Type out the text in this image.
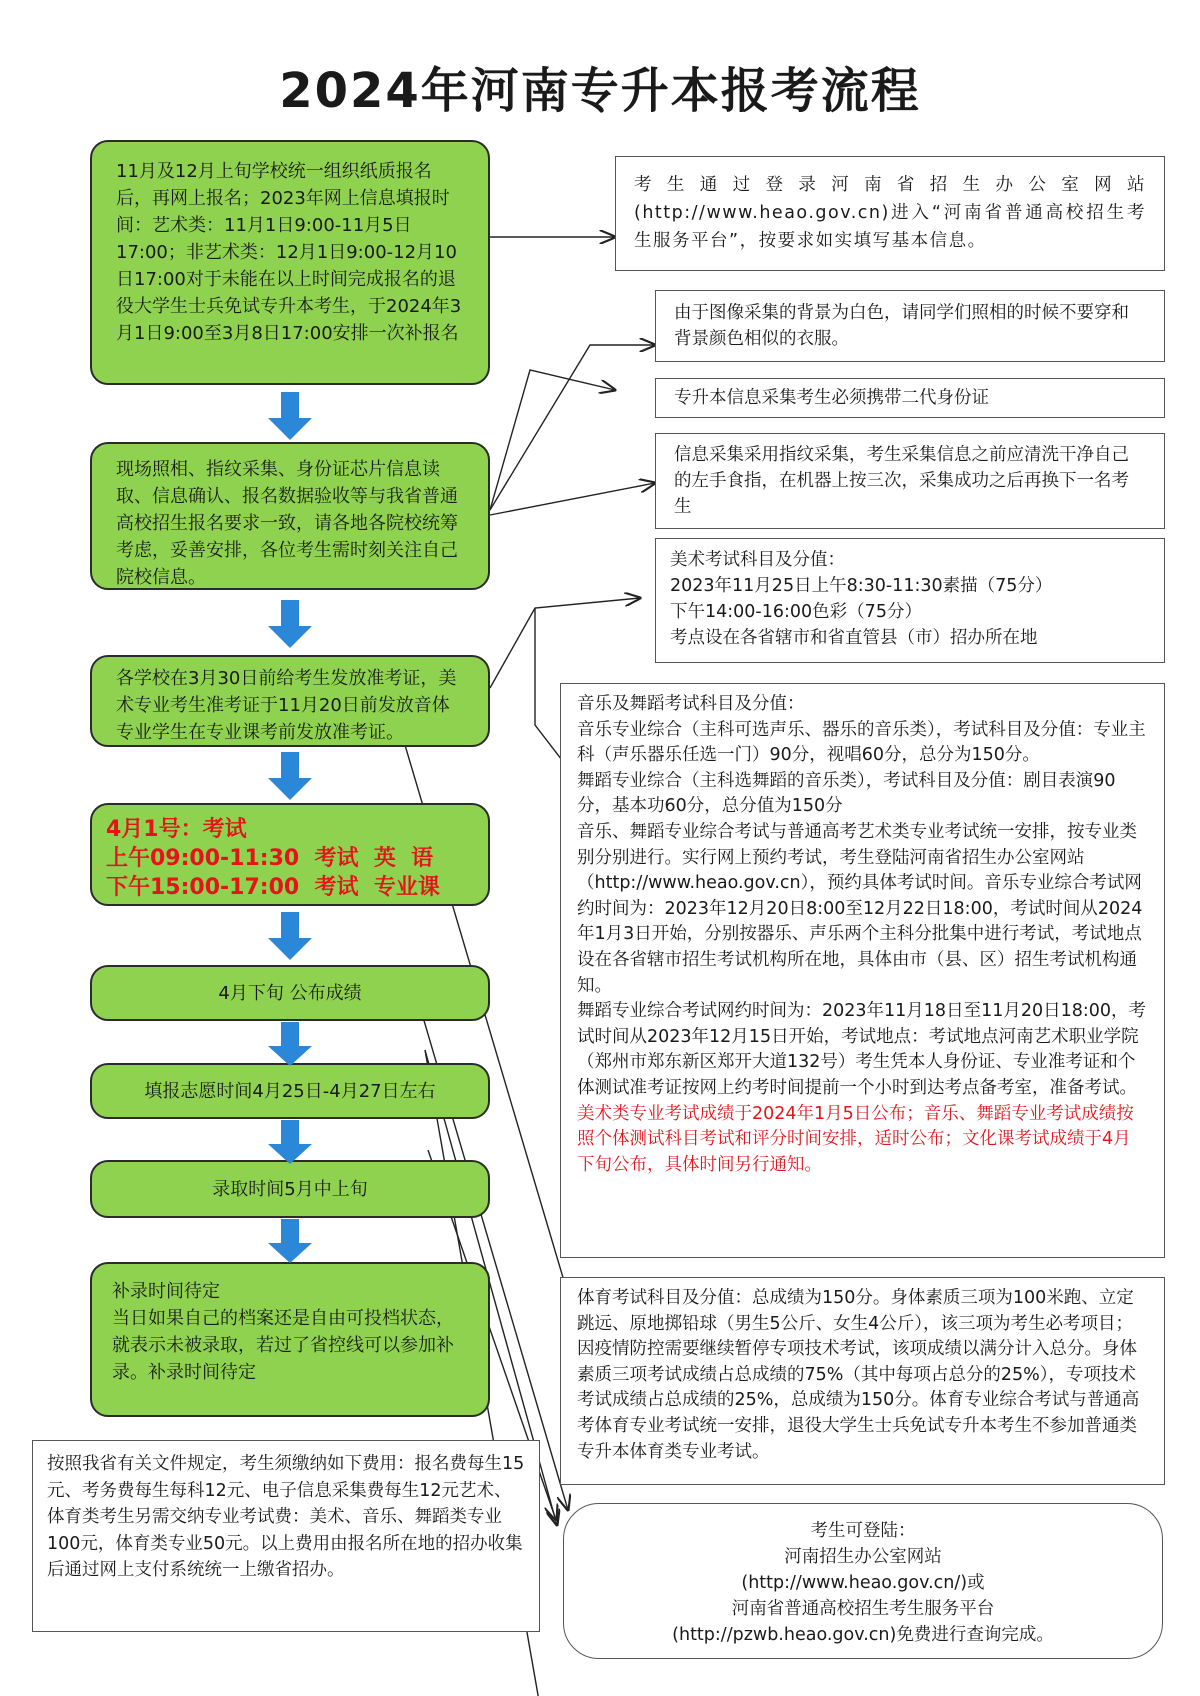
2024年河南专升本报考流程
11月及12月上旬学校统一组织纸质报名后，再网上报名；2023年网上信息填报时间：艺术类：11月1日9:00-11月5日17:00；非艺术类：12月1日9:00-12月10日17:00对于未能在以上时间完成报名的退役大学生士兵免试专升本考生，于2024年3月1日9:00至3月8日17:00安排一次补报名
现场照相、指纹采集、身份证芯片信息读取、信息确认、报名数据验收等与我省普通高校招生报名要求一致，请各地各院校统筹考虑，妥善安排，各位考生需时刻关注自己院校信息。
各学校在3月30日前给考生发放准考证，美术专业考生准考证于11月20日前发放音体专业学生在专业课考前发放准考证。
4月1号：考试
上午09:00-11:30  考试  英  语
下午15:00-17:00  考试  专业课
4月下旬 公布成绩
填报志愿时间4月25日-4月27日左右
录取时间5月中上旬
补录时间待定
当日如果自己的档案还是自由可投档状态，就表示未被录取，若过了省控线可以参加补录。补录时间待定
考生通过登录河南省招生办公室网站(http://www.heao.gov.cn)进入“河南省普通高校招生考生服务平台”，按要求如实填写基本信息。
由于图像采集的背景为白色，请同学们照相的时候不要穿和背景颜色相似的衣服。
专升本信息采集考生必须携带二代身份证
信息采集采用指纹采集，考生采集信息之前应清洗干净自己的左手食指，在机器上按三次，采集成功之后再换下一名考生
美术考试科目及分值：
2023年11月25日上午8:30-11:30素描（75分）
下午14:00-16:00色彩（75分）
考点设在各省辖市和省直管县（市）招办所在地

音乐及舞蹈考试科目及分值：

音乐专业综合（主科可选声乐、器乐的音乐类），考试科目及分值：专业主科（声乐器乐任选一门）90分，视唱60分，总分为150分。

舞蹈专业综合（主科选舞蹈的音乐类），考试科目及分值：剧目表演90分，基本功60分，总分值为150分

音乐、舞蹈专业综合考试与普通高考艺术类专业考试统一安排，按专业类别分别进行。实行网上预约考试，考生登陆河南省招生办公室网站（http://www.heao.gov.cn），预约具体考试时间。音乐专业综合考试网约时间为：2023年12月20日8:00至12月22日18:00，考试时间从2024年1月3日开始，分别按器乐、声乐两个主科分批集中进行考试，考试地点设在各省辖市招生考试机构所在地，具体由市（县、区）招生考试机构通知。

舞蹈专业综合考试网约时间为：2023年11月18日至11月20日18:00，考试时间从2023年12月15日开始，考试地点：考试地点河南艺术职业学院（郑州市郑东新区郑开大道132号）考生凭本人身份证、专业准考证和个体测试准考证按网上约考时间提前一个小时到达考点备考室，准备考试。

美术类专业考试成绩于2024年1月5日公布；音乐、舞蹈专业考试成绩按照个体测试科目考试和评分时间安排，适时公布；文化课考试成绩于4月下旬公布，具体时间另行通知。

体育考试科目及分值：总成绩为150分。身体素质三项为100米跑、立定跳远、原地掷铅球（男生5公斤、女生4公斤），该三项为考生必考项目；因疫情防控需要继续暂停专项技术考试，该项成绩以满分计入总分。身体素质三项考试成绩占总成绩的75%（其中每项占总分的25%），专项技术考试成绩占总成绩的25%，总成绩为150分。体育专业综合考试与普通高考体育专业考试统一安排，退役大学生士兵免试专升本考生不参加普通类专升本体育类专业考试。
按照我省有关文件规定，考生须缴纳如下费用：报名费每生15元、考务费每生每科12元、电子信息采集费每生12元艺术、体育类考生另需交纳专业考试费：美术、音乐、舞蹈类专业100元，体育类专业50元。以上费用由报名所在地的招办收集后通过网上支付系统统一上缴省招办。
考生可登陆：
河南招生办公室网站
(http://www.heao.gov.cn/)或
河南省普通高校招生考生服务平台
(http://pzwb.heao.gov.cn)免费进行查询完成。
